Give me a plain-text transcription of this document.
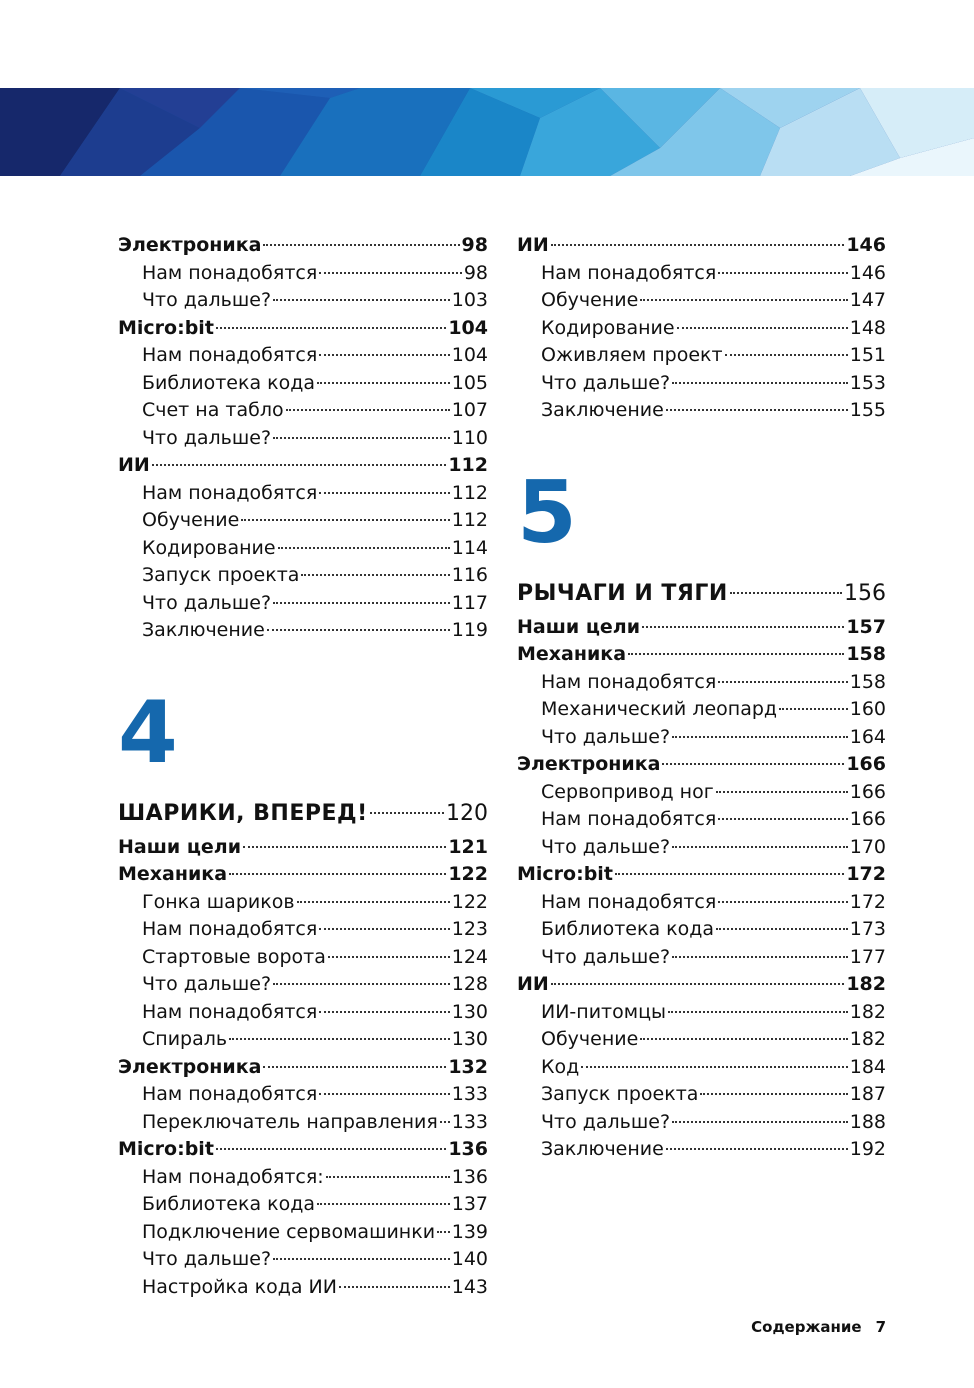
Электроника	98
Нам понадобятся	98
Что дальше?	103
Micro:bit	104
Нам понадобятся	104
Библиотека кода	105
Счет на табло	107
Что дальше?	110
ИИ	112
Нам понадобятся	112
Обучение	112
Кодирование	114
Запуск проекта	116
Что дальше?	117
Заключение	119
4
ШАРИКИ, ВПЕРЕД!	120
Наши цели	121
Механика	122
Гонка шариков	122
Нам понадобятся	123
Стартовые ворота	124
Что дальше?	128
Нам понадобятся	130
Спираль	130
Электроника	132
Нам понадобятся	133
Переключатель направления 133
Micro:bit	136
Нам понадобятся:	136
Библиотека кода	137
Подключение сервомашинки 139
Что дальше?	140
Настройка кода ИИ	143
ИИ	146
Нам понадобятся	146
Обучение	147
Кодирование	148
Оживляем проект	151
Что дальше?	153
Заключение	155
5
РЫЧАГИ И ТЯГИ	156
Наши цели	157
Механика	158
Нам понадобятся	158
Механический леопард	160
Что дальше?	164
Электроника	166
Сервопривод ног	166
Нам понадобятся	166
Что дальше?	170
Micro:bit	172
Нам понадобятся	172
Библиотека кода	173
Что дальше?	177
ИИ	182
ИИ-питомцы	182
Обучение	182
Код	184
Запуск проекта	187
Что дальше?	188
Заключение	192
Содержание 7
